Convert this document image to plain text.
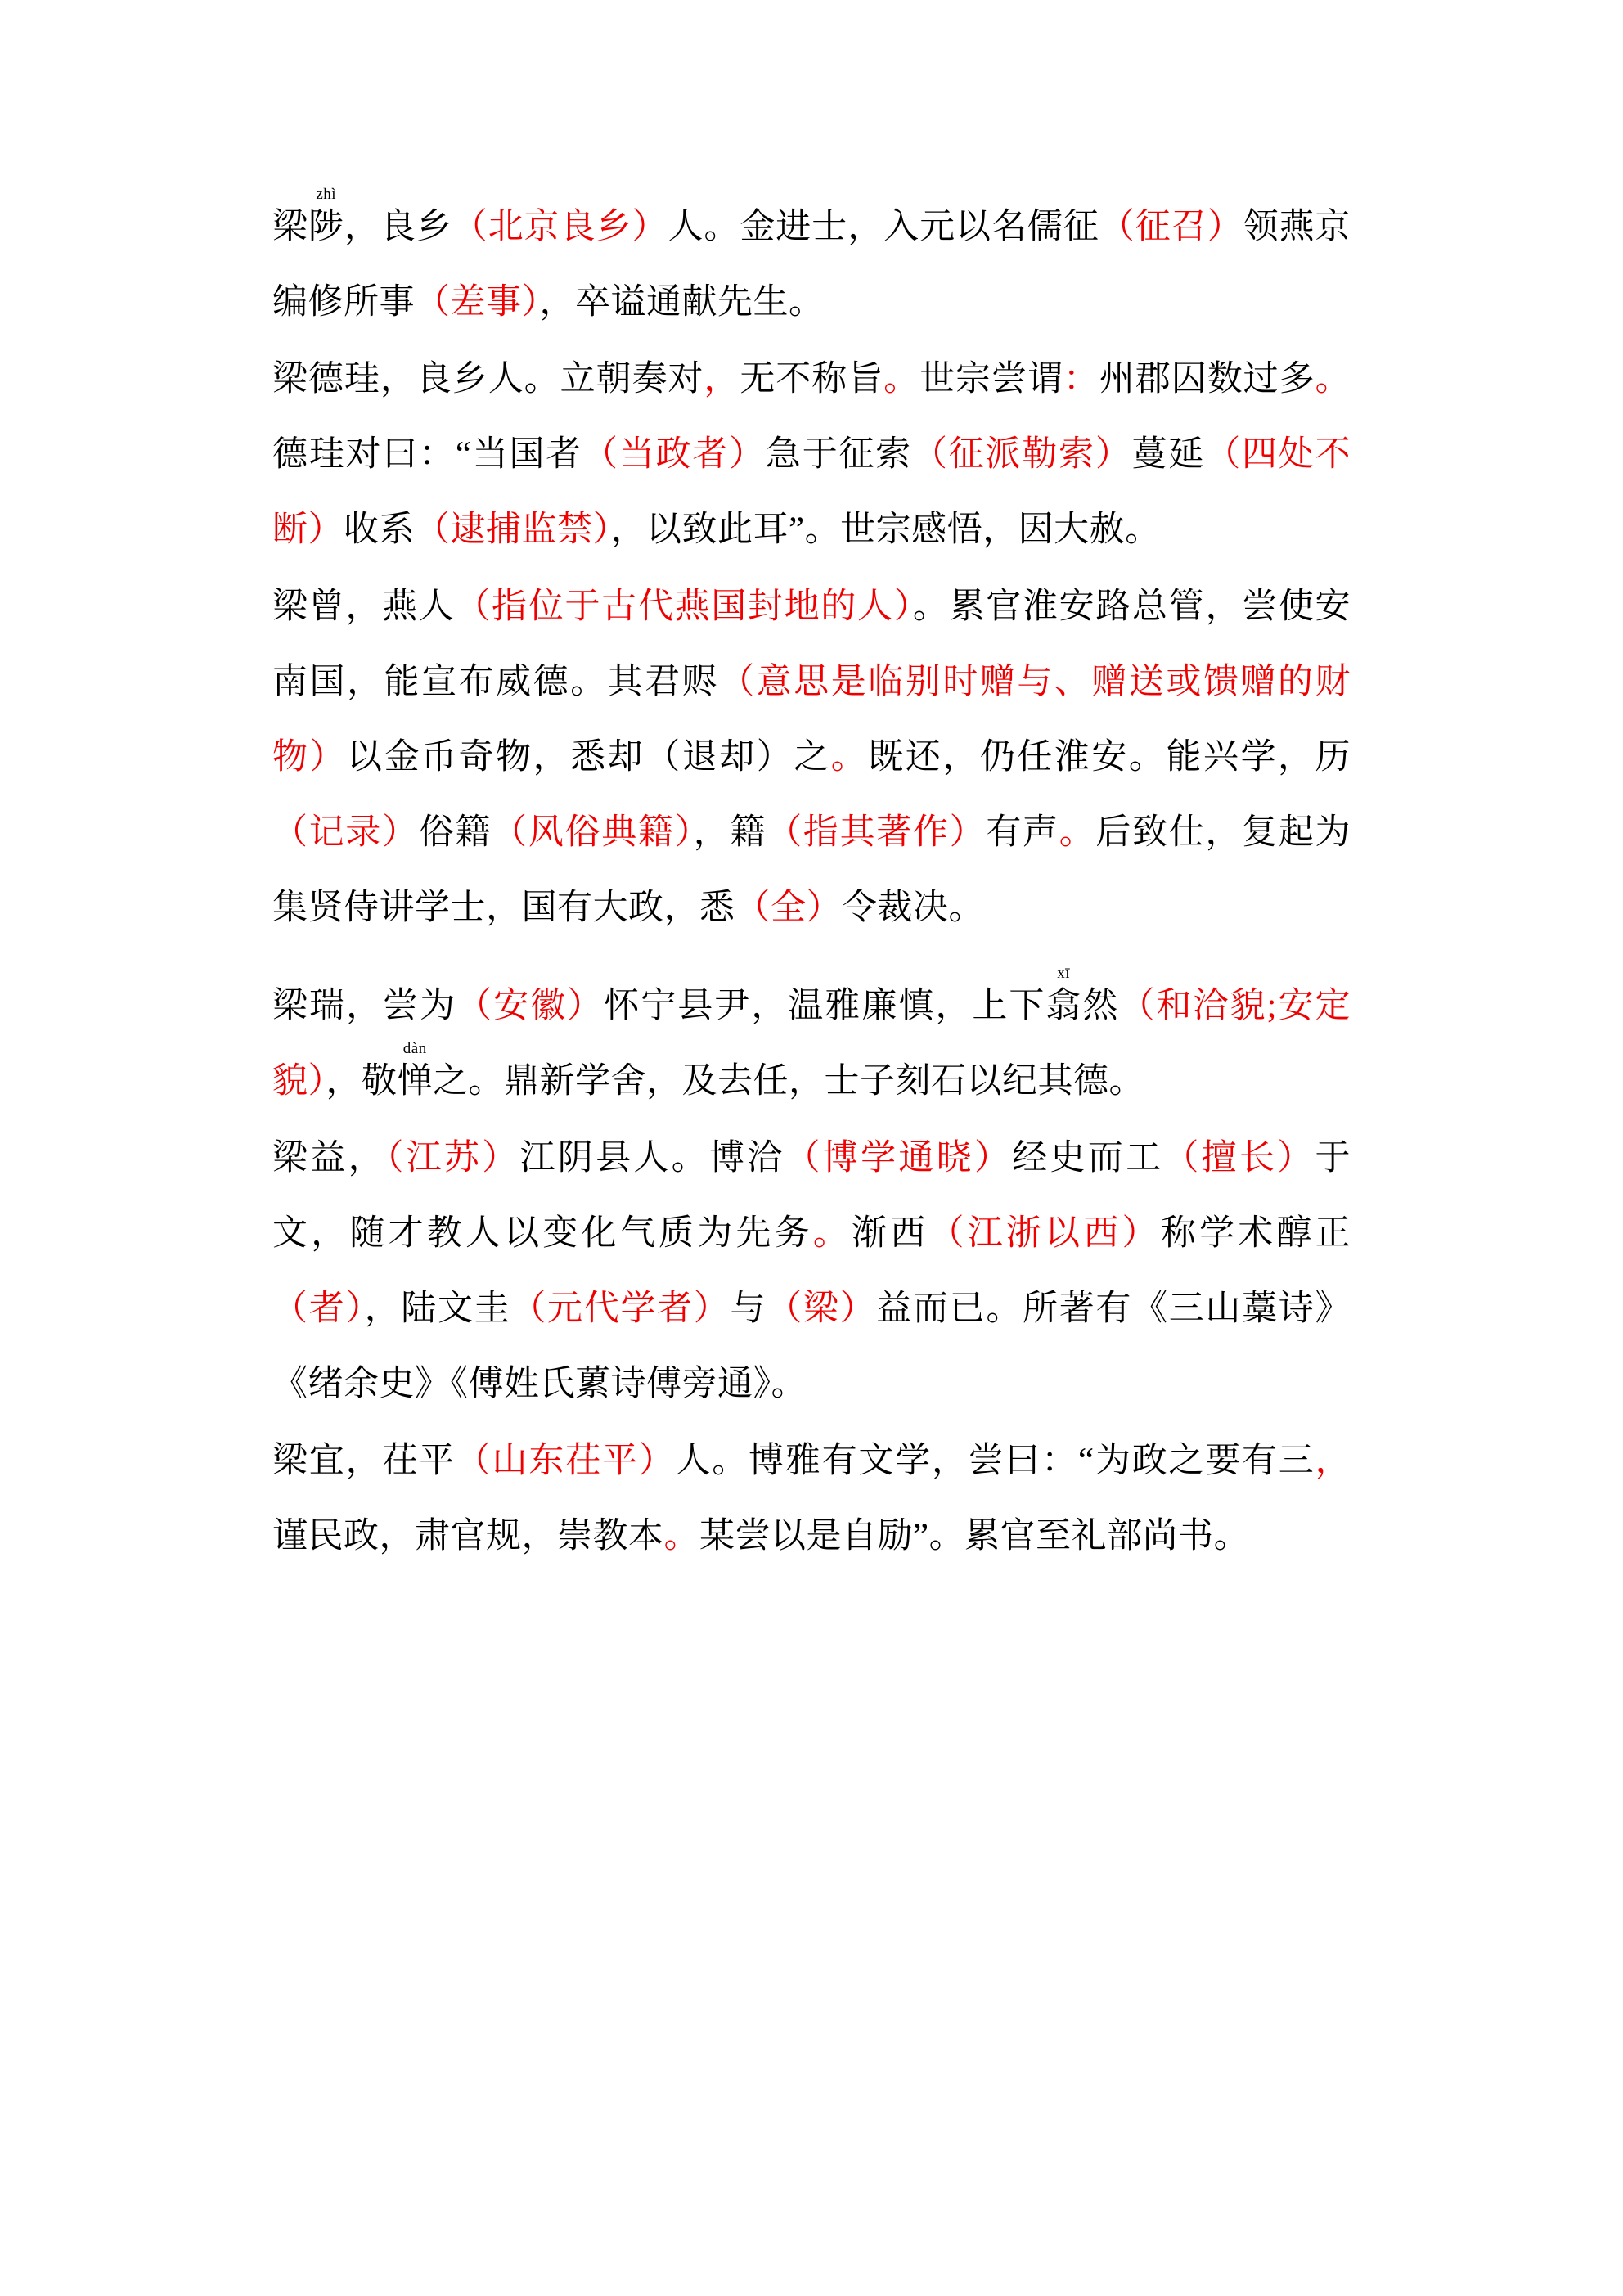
梁
zhì
陟，良乡（北京良乡）人。金进士，入元以名儒征（征召）领燕京编修所事（差事），卒谥通献先生。

梁德珪，良乡人。立朝奏对，无不称旨。世宗尝谓：州郡囚数过多。德珪对曰：“当国者（当政者）急于征索（征派勒索）蔓延（四处不断）收系（逮捕监禁），以致此耳”。世宗感悟，因大赦。

梁曾，燕人（指位于古代燕国封地的人）。累官淮安路总管，尝使安南国，能宣布威德。其君赆（意思是临别时赠与、赠送或馈赠的财物）以金币奇物，悉却（退却）之。既还，仍任淮安。能兴学，历（记录）俗籍（风俗典籍），籍（指其著作）有声。后致仕，复起为集贤侍讲学士，国有大政，悉（全）令裁决。

梁瑞，尝为（安徽）怀宁县尹，温雅廉慎，上下
xī
翕然（和洽貌;安定貌），敬
dàn
惮之。鼎新学舍，及去任，士子刻石以纪其德。

梁益，（江苏）江阴县人。博洽（博学通晓）经史而工（擅长）于文，随才教人以变化气质为先务。渐西（江浙以西）称学术醇正（者），陆文圭（元代学者）与（梁）益而已。所著有《三山藁诗》《绪余史》《傅姓氏蔂诗傅旁通》。

梁宜，茌平（山东茌平）人。博雅有文学，尝曰：“为政之要有三，谨民政，肃官规，崇教本。某尝以是自励”。累官至礼部尚书。
